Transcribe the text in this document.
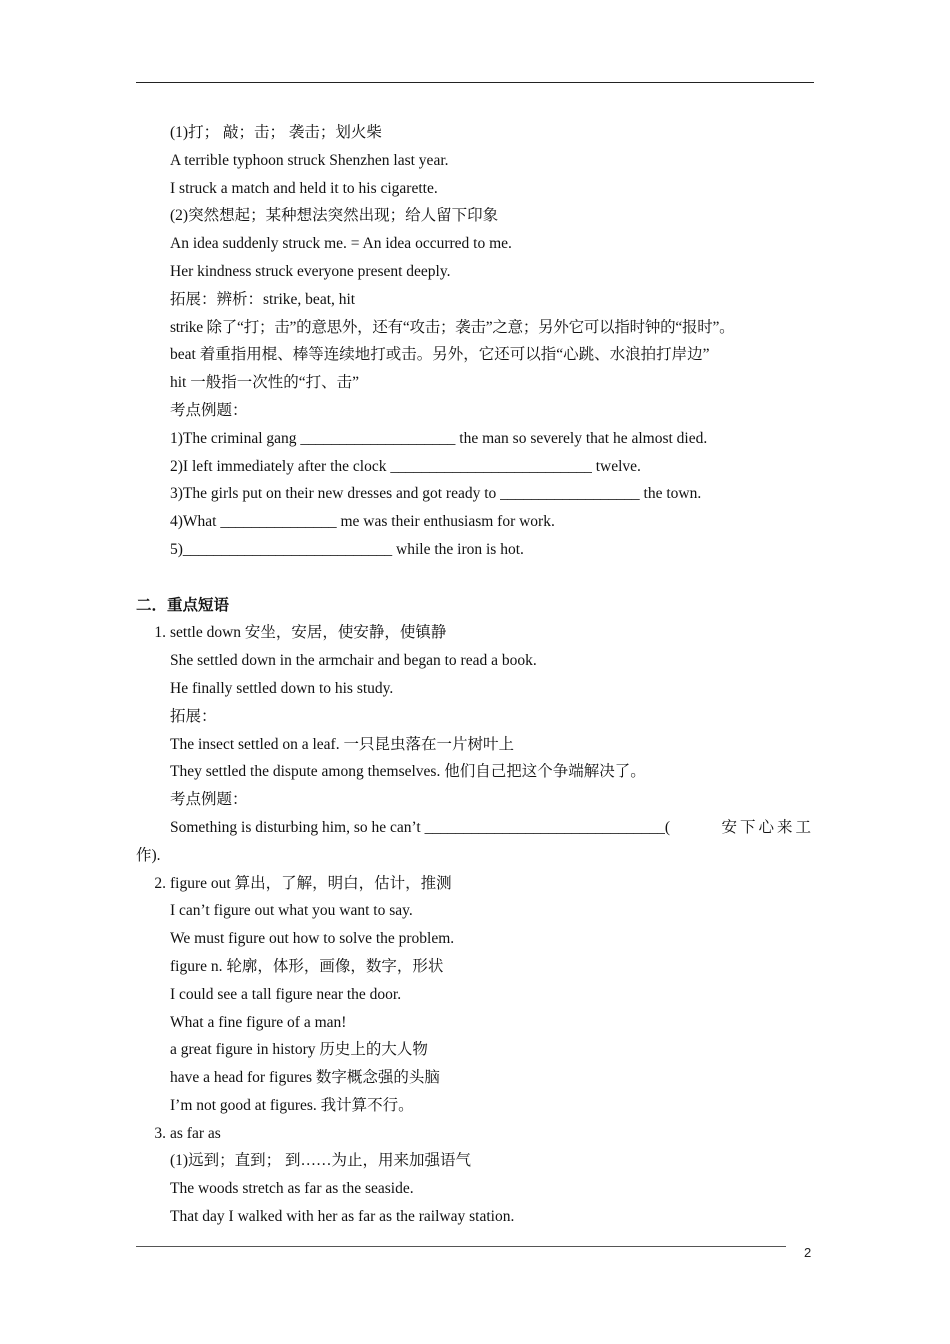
(1)打； 敲；击； 袭击；划火柴
A terrible typhoon struck Shenzhen last year.
I struck a match and held it to his cigarette.
(2)突然想起；某种想法突然出现；给人留下印象
An idea suddenly struck me. = An idea occurred to me.
Her kindness struck everyone present deeply.
拓展：辨析：strike, beat, hit
strike 除了“打；击”的意思外，还有“攻击；袭击”之意；另外它可以指时钟的“报时”。
beat 着重指用棍、棒等连续地打或击。另外，它还可以指“心跳、水浪拍打岸边”
hit 一般指一次性的“打、击”
考点例题：
1)The criminal gang ____________________ the man so severely that he almost died.
2)I left immediately after the clock __________________________ twelve.
3)The girls put on their new dresses and got ready to __________________ the town.
4)What _______________ me was their enthusiasm for work.
5)___________________________ while the iron is hot.
二．重点短语
1. settle down 安坐，安居，使安静，使镇静
She settled down in the armchair and began to read a book.
He finally settled down to his study.
拓展：
The insect settled on a leaf. 一只昆虫落在一片树叶上
They settled the dispute among themselves. 他们自己把这个争端解决了。
考点例题：
Something is disturbing him, so he can’t _______________________________(	安下心来工
作).
2. figure out 算出，了解，明白，估计，推测
I can’t figure out what you want to say.
We must figure out how to solve the problem.
figure n. 轮廓，体形，画像，数字，形状
I could see a tall figure near the door.
What a fine figure of a man!
a great figure in history 历史上的大人物
have a head for figures 数字概念强的头脑
I’m not good at figures. 我计算不行。
3. as far as
(1)远到；直到； 到……为止，用来加强语气
The woods stretch as far as the seaside.
That day I walked with her as far as the railway station.
2
